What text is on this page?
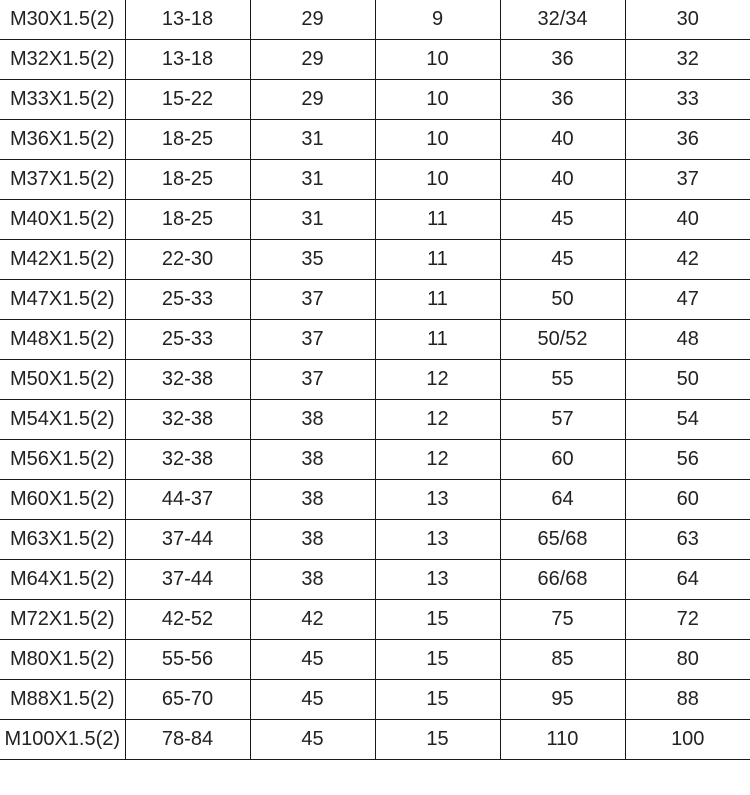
M30X1.5(2)	13-18	29	9	32/34	30
M32X1.5(2)	13-18	29	10	36	32
M33X1.5(2)	15-22	29	10	36	33
M36X1.5(2)	18-25	31	10	40	36
M37X1.5(2)	18-25	31	10	40	37
M40X1.5(2)	18-25	31	11	45	40
M42X1.5(2)	22-30	35	11	45	42
M47X1.5(2)	25-33	37	11	50	47
M48X1.5(2)	25-33	37	11	50/52	48
M50X1.5(2)	32-38	37	12	55	50
M54X1.5(2)	32-38	38	12	57	54
M56X1.5(2)	32-38	38	12	60	56
M60X1.5(2)	44-37	38	13	64	60
M63X1.5(2)	37-44	38	13	65/68	63
M64X1.5(2)	37-44	38	13	66/68	64
M72X1.5(2)	42-52	42	15	75	72
M80X1.5(2)	55-56	45	15	85	80
M88X1.5(2)	65-70	45	15	95	88
M100X1.5(2)	78-84	45	15	110	100
